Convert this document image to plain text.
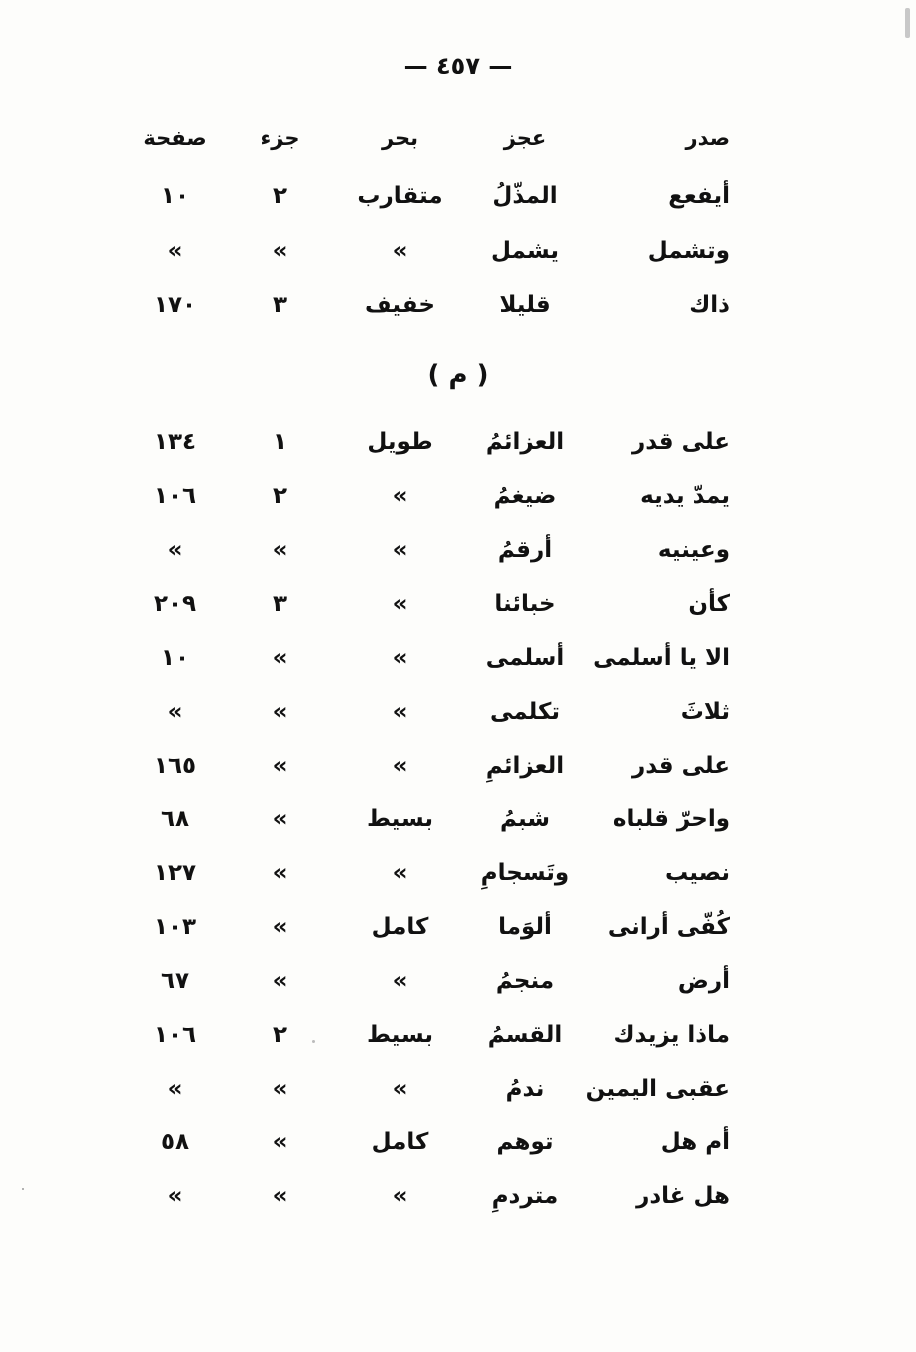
— ٤٥٧ —
صدر
عجز
بحر
جزء
صفحة
أيفعع
المذّلُ
متقارب
٢
١٠
وتشمل
يشمل
»
»
»
ذاك
قليلا
خفيف
٣
١٧٠
( م )
على قدر
العزائمُ
طويل
١
١٣٤
يمدّ يديه
ضيغمُ
»
٢
١٠٦
وعينيه
أرقمُ
»
»
»
كأن
خبائنا
»
٣
٢٠٩
الا يا أسلمى
أسلمى
»
»
١٠
ثلاثَ
تكلمى
»
»
»
على قدر
العزائمِ
»
»
١٦٥
واحرّ قلباه
شبمُ
بسيط
»
٦٨
نصيب
وتَسجامِ
»
»
١٢٧
كُفّى أرانى
ألوَما
كامل
»
١٠٣
أرض
منجمُ
»
»
٦٧
ماذا يزيدك
القسمُ
بسيط
٢
١٠٦
عقبى اليمين
ندمُ
»
»
»
أم هل
توهم
كامل
»
٥٨
هل غادر
متردمِ
»
»
»
